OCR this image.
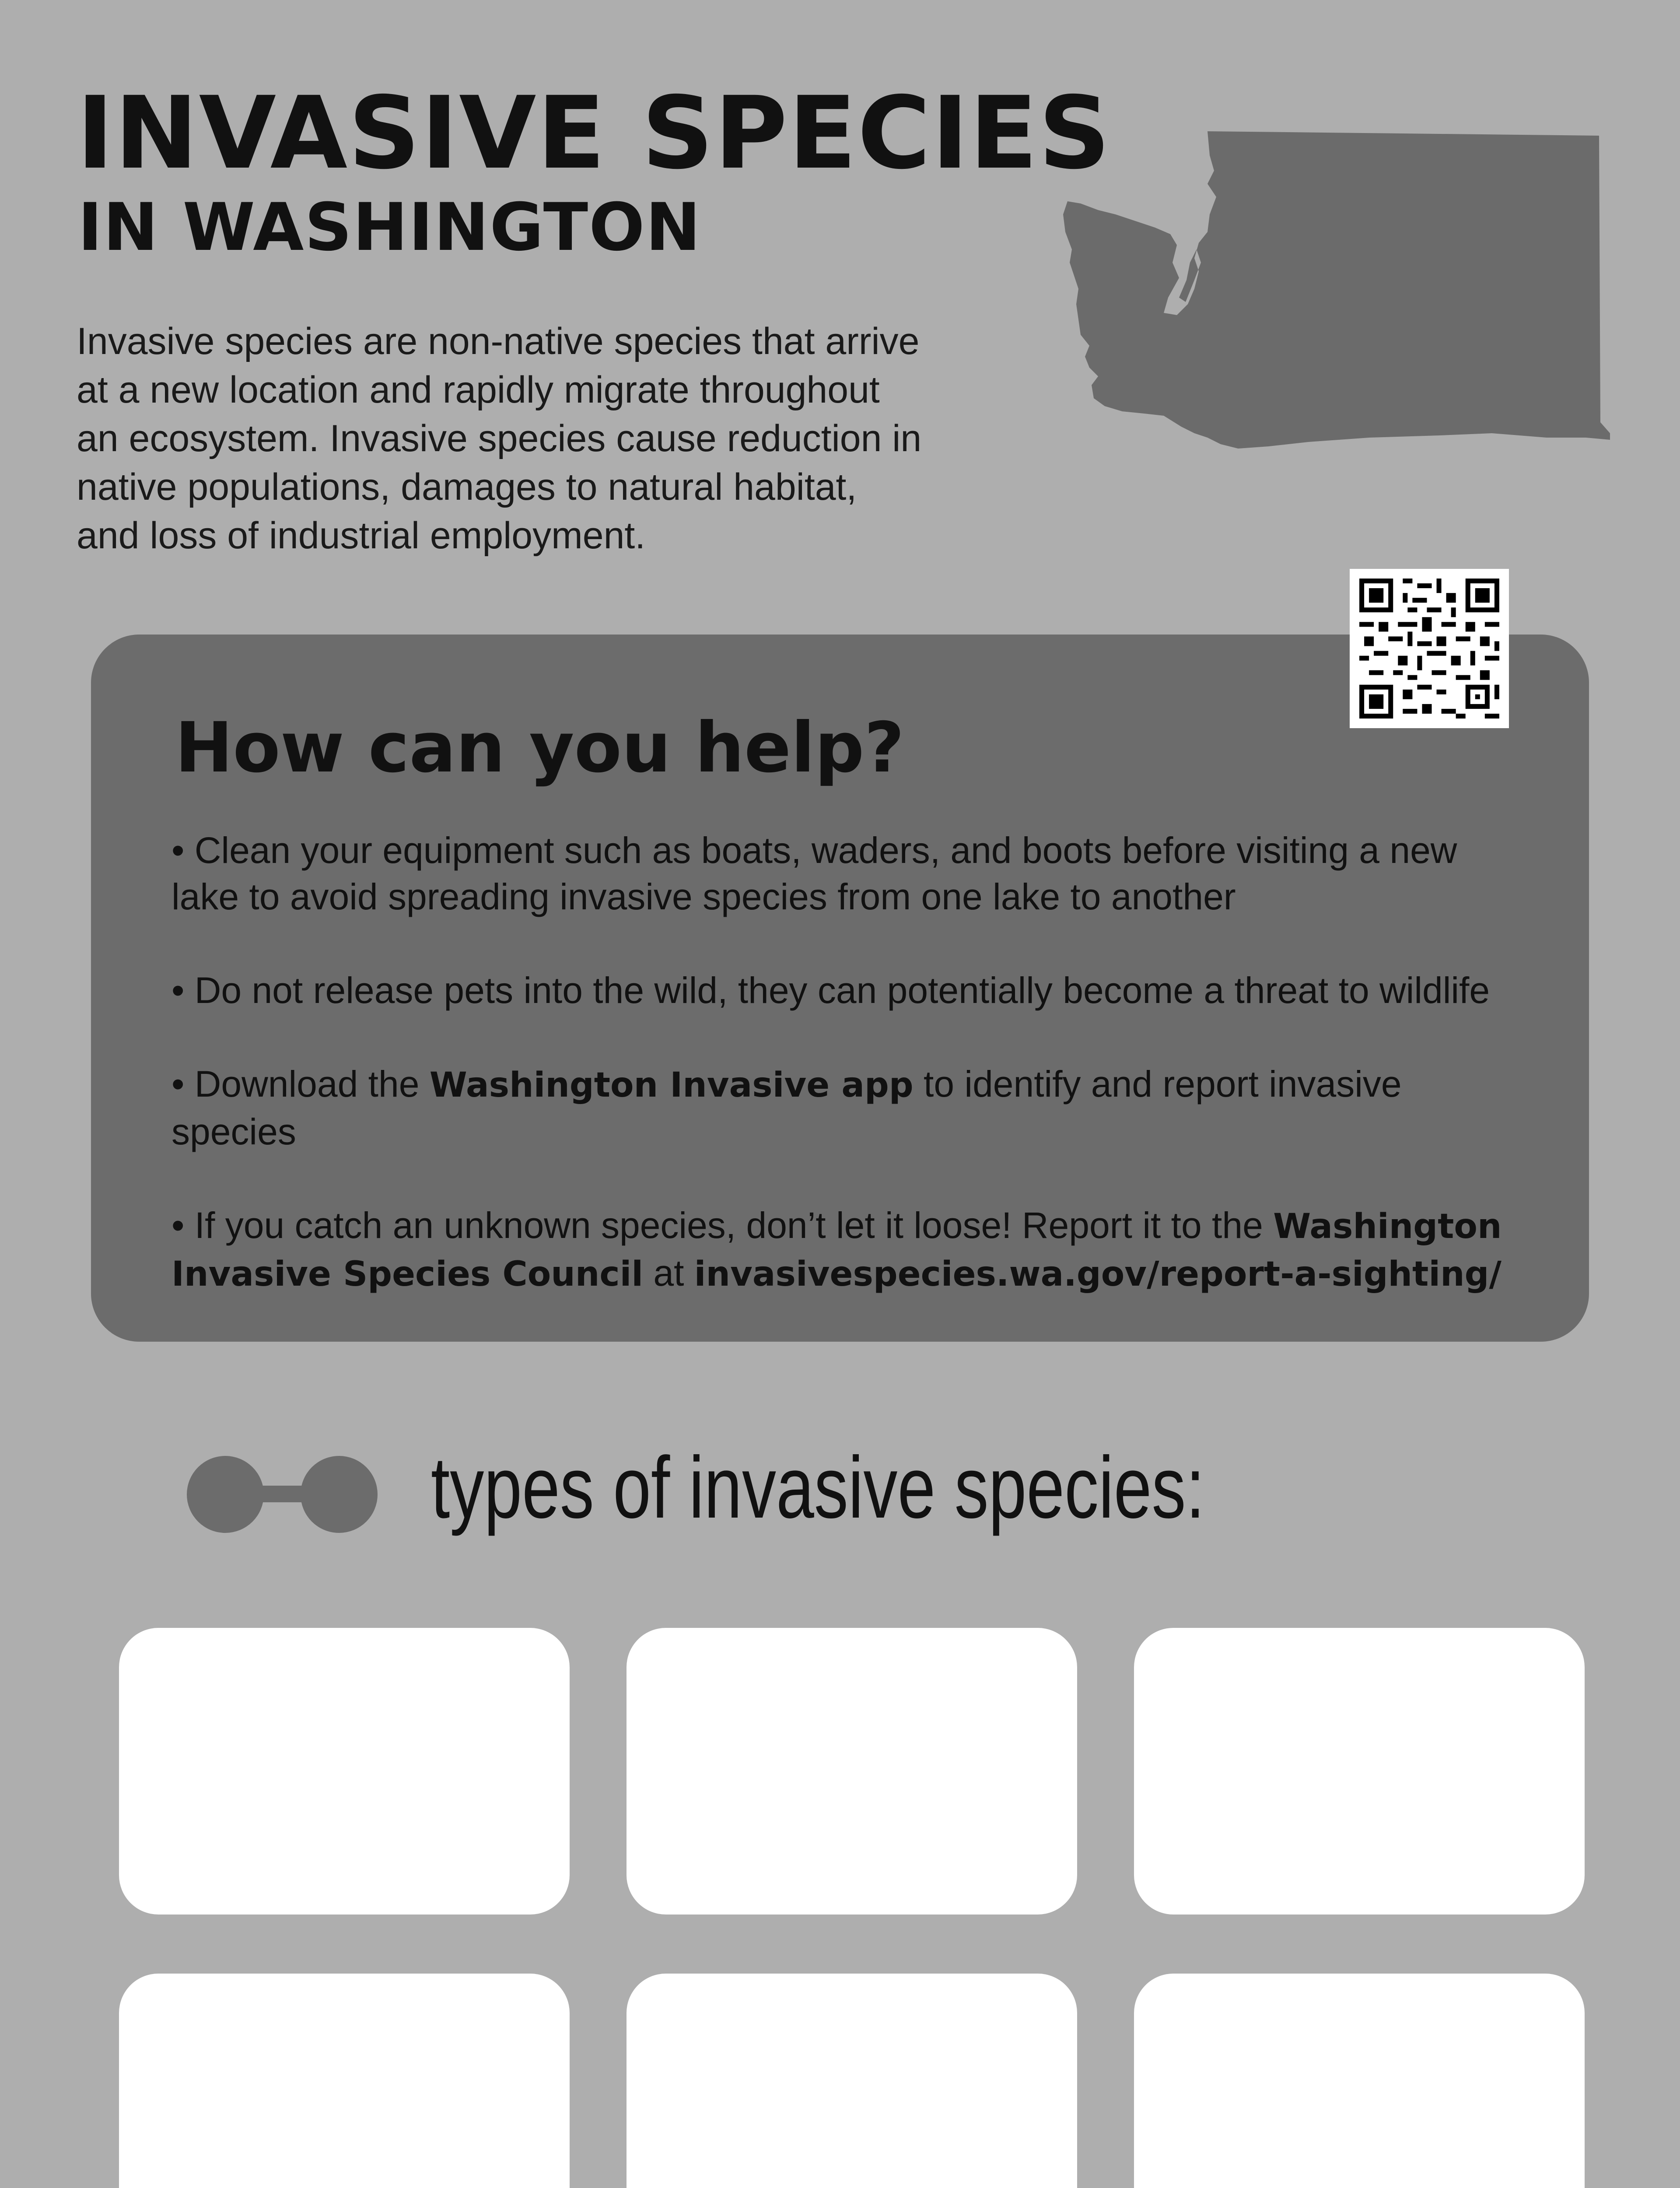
INVASIVE SPECIES
IN WASHINGTON
Invasive species are non-native species that arrive
at a new location and rapidly migrate throughout
an ecosystem. Invasive species cause reduction in
native populations, damages to natural habitat,
and loss of industrial employment.
How can you help?
• Clean your equipment such as boats, waders, and boots before visiting a new
lake to avoid spreading invasive species from one lake to another
• Do not release pets into the wild, they can potentially become a threat to wildlife
• Download the Washington Invasive app to identify and report invasive species
• If you catch an unknown species, don’t let it loose! Report it to the Washington
Invasive Species Council at invasivespecies.wa.gov/report-a-sighting/
types of invasive species:
